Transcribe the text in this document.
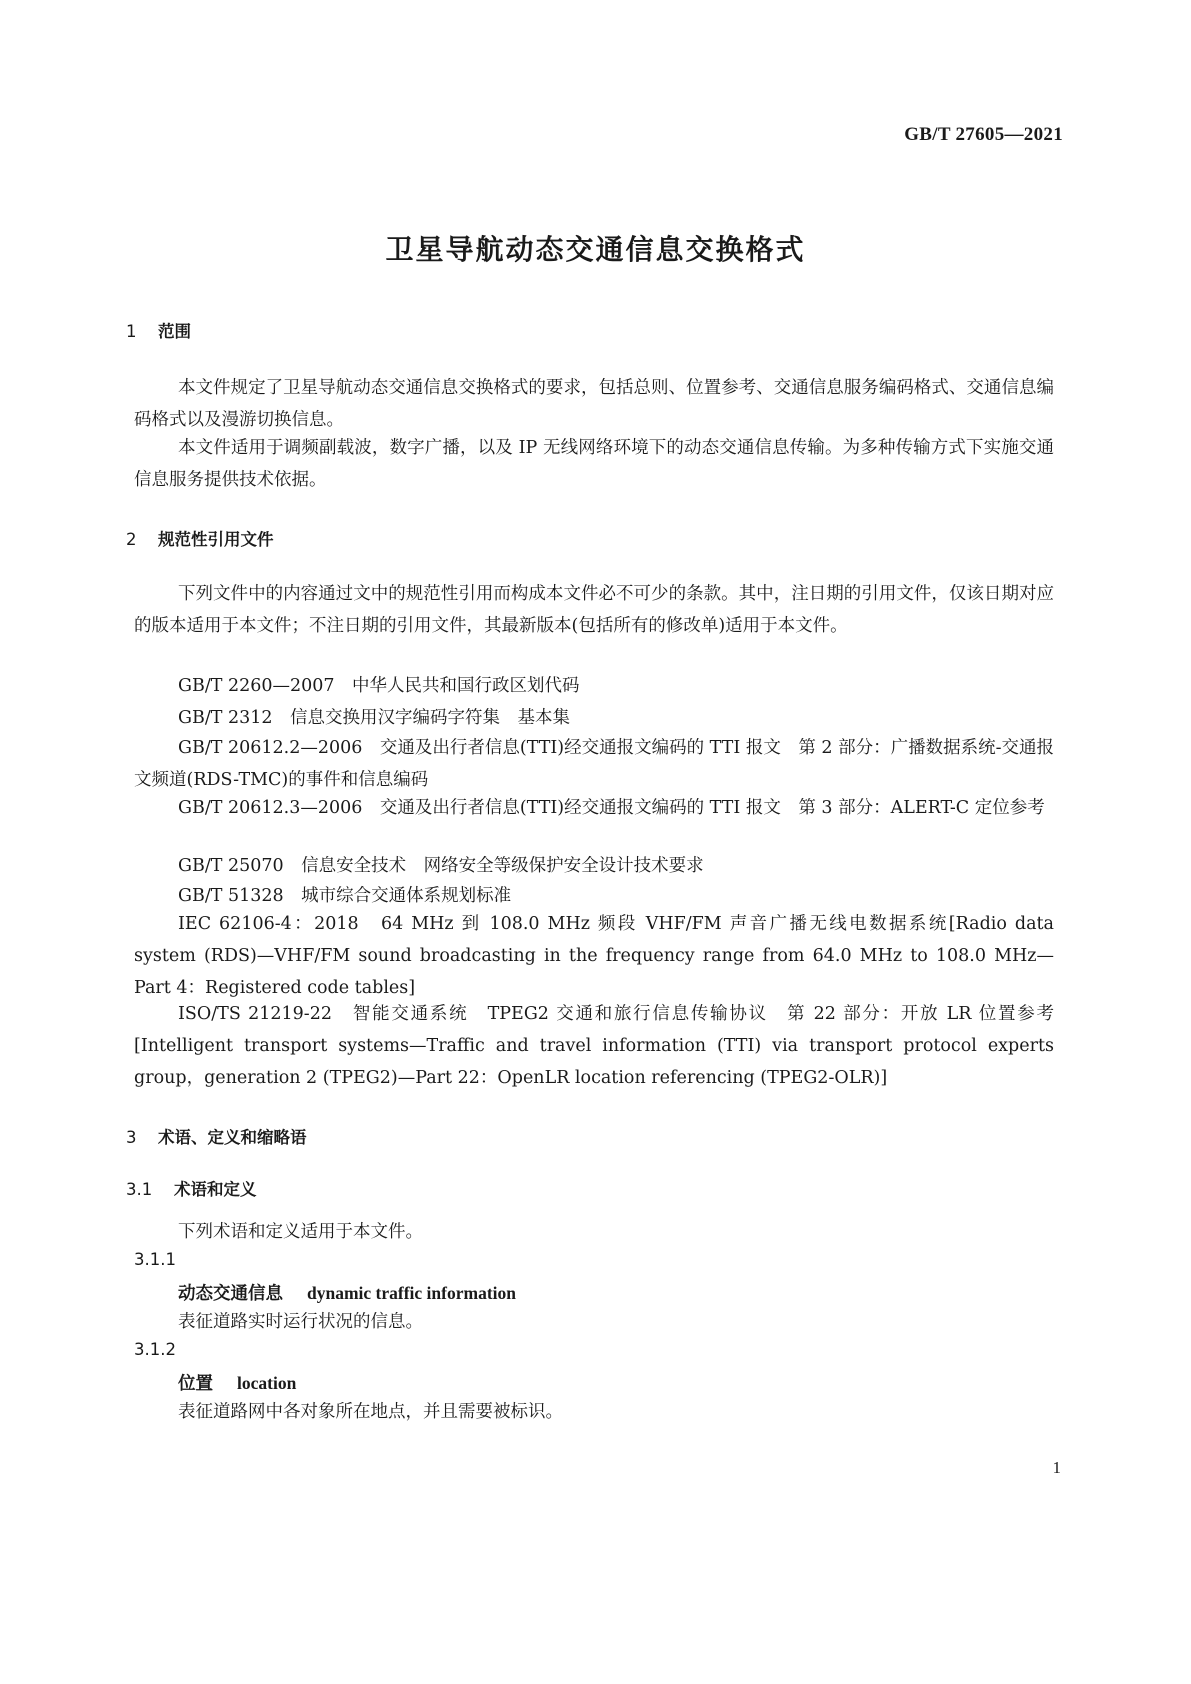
GB/T 27605—2021
卫星导航动态交通信息交换格式
1 范围
本文件规定了卫星导航动态交通信息交换格式的要求，包括总则、位置参考、交通信息服务编码格式、交通信息编码格式以及漫游切换信息。
本文件适用于调频副载波，数字广播，以及 IP 无线网络环境下的动态交通信息传输。为多种传输方式下实施交通信息服务提供技术依据。
2 规范性引用文件
下列文件中的内容通过文中的规范性引用而构成本文件必不可少的条款。其中，注日期的引用文件，仅该日期对应的版本适用于本文件；不注日期的引用文件，其最新版本(包括所有的修改单)适用于本文件。
GB/T 2260—2007　中华人民共和国行政区划代码
GB/T 2312　信息交换用汉字编码字符集　基本集
GB/T 20612.2—2006　交通及出行者信息(TTI)经交通报文编码的 TTI 报文　第 2 部分：广播数据系统-交通报文频道(RDS-TMC)的事件和信息编码
GB/T 20612.3—2006　交通及出行者信息(TTI)经交通报文编码的 TTI 报文　第 3 部分：ALERT-C 定位参考
GB/T 25070　信息安全技术　网络安全等级保护安全设计技术要求
GB/T 51328　城市综合交通体系规划标准
IEC 62106-4：2018　64 MHz 到 108.0 MHz 频段 VHF/FM 声音广播无线电数据系统[Radio data system (RDS)—VHF/FM sound broadcasting in the frequency range from 64.0 MHz to 108.0 MHz—Part 4：Registered code tables]
ISO/TS 21219-22　智能交通系统　TPEG2 交通和旅行信息传输协议　第 22 部分：开放 LR 位置参考[Intelligent transport systems—Traffic and travel information (TTI) via transport protocol experts group，generation 2 (TPEG2)—Part 22：OpenLR location referencing (TPEG2-OLR)]
3 术语、定义和缩略语
3.1 术语和定义
下列术语和定义适用于本文件。
3.1.1
动态交通信息 dynamic traffic information
表征道路实时运行状况的信息。
3.1.2
位置 location
表征道路网中各对象所在地点，并且需要被标识。
1
